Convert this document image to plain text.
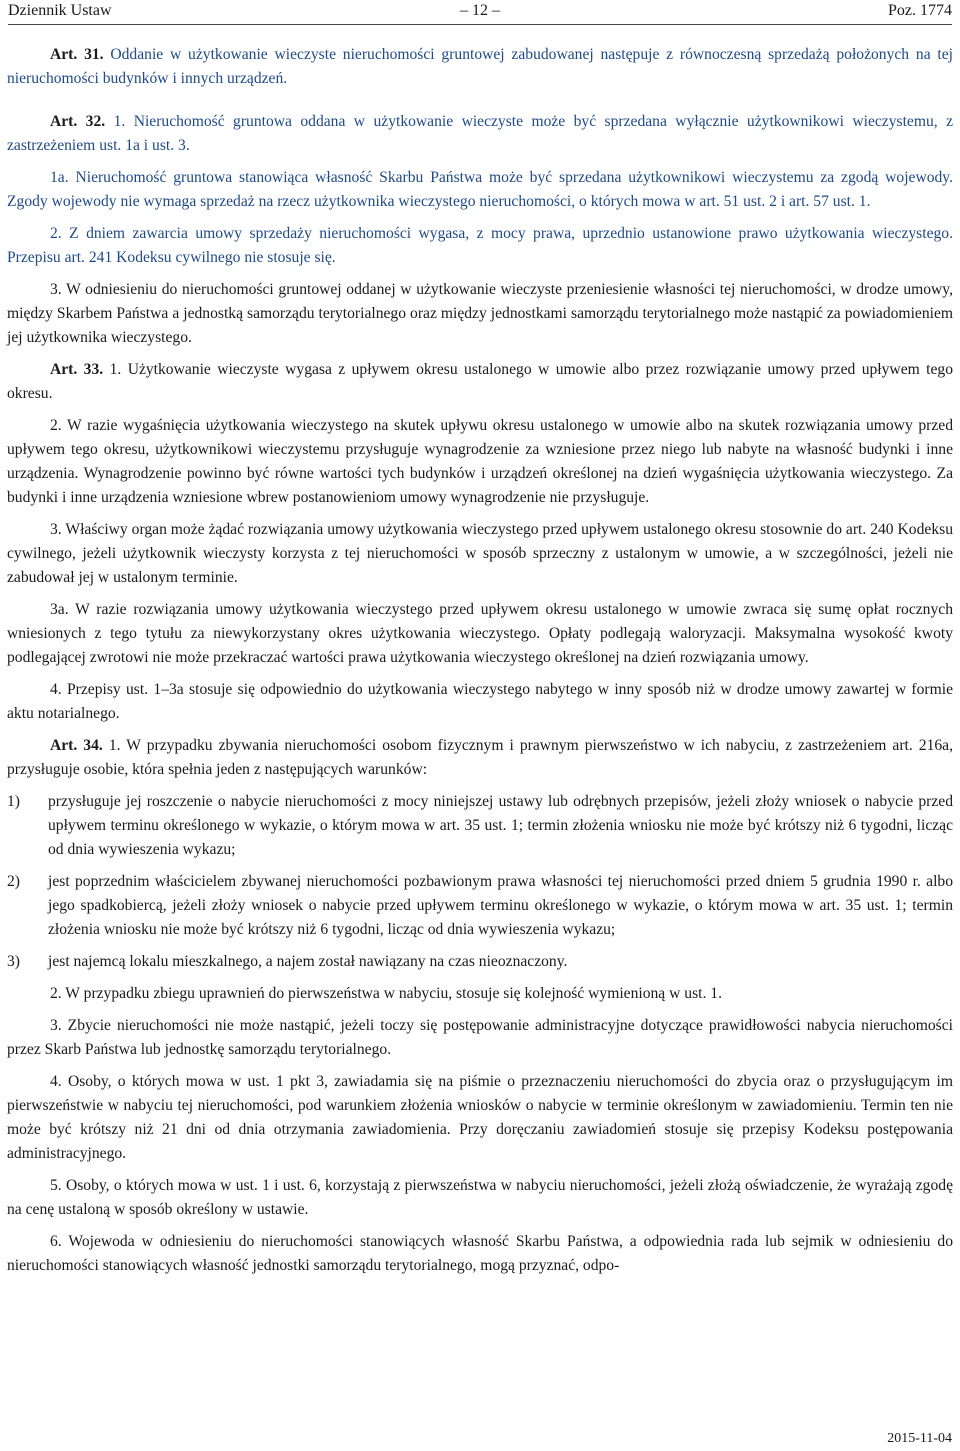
Dziennik Ustaw	– 12 –	Poz. 1774
Art. 31. Oddanie w użytkowanie wieczyste nieruchomości gruntowej zabudowanej następuje z równoczesną sprzedażą położonych na tej nieruchomości budynków i innych urządzeń.
Art. 32. 1. Nieruchomość gruntowa oddana w użytkowanie wieczyste może być sprzedana wyłącznie użytkownikowi wieczystemu, z zastrzeżeniem ust. 1a i ust. 3.
1a. Nieruchomość gruntowa stanowiąca własność Skarbu Państwa może być sprzedana użytkownikowi wieczystemu za zgodą wojewody. Zgody wojewody nie wymaga sprzedaż na rzecz użytkownika wieczystego nieruchomości, o których mowa w art. 51 ust. 2 i art. 57 ust. 1.
2. Z dniem zawarcia umowy sprzedaży nieruchomości wygasa, z mocy prawa, uprzednio ustanowione prawo użytkowania wieczystego. Przepisu art. 241 Kodeksu cywilnego nie stosuje się.
3. W odniesieniu do nieruchomości gruntowej oddanej w użytkowanie wieczyste przeniesienie własności tej nieruchomości, w drodze umowy, między Skarbem Państwa a jednostką samorządu terytorialnego oraz między jednostkami samorządu terytorialnego może nastąpić za powiadomieniem jej użytkownika wieczystego.
Art. 33. 1. Użytkowanie wieczyste wygasa z upływem okresu ustalonego w umowie albo przez rozwiązanie umowy przed upływem tego okresu.
2. W razie wygaśnięcia użytkowania wieczystego na skutek upływu okresu ustalonego w umowie albo na skutek rozwiązania umowy przed upływem tego okresu, użytkownikowi wieczystemu przysługuje wynagrodzenie za wzniesione przez niego lub nabyte na własność budynki i inne urządzenia. Wynagrodzenie powinno być równe wartości tych budynków i urządzeń określonej na dzień wygaśnięcia użytkowania wieczystego. Za budynki i inne urządzenia wzniesione wbrew postanowieniom umowy wynagrodzenie nie przysługuje.
3. Właściwy organ może żądać rozwiązania umowy użytkowania wieczystego przed upływem ustalonego okresu stosownie do art. 240 Kodeksu cywilnego, jeżeli użytkownik wieczysty korzysta z tej nieruchomości w sposób sprzeczny z ustalonym w umowie, a w szczególności, jeżeli nie zabudował jej w ustalonym terminie.
3a. W razie rozwiązania umowy użytkowania wieczystego przed upływem okresu ustalonego w umowie zwraca się sumę opłat rocznych wniesionych z tego tytułu za niewykorzystany okres użytkowania wieczystego. Opłaty podlegają waloryzacji. Maksymalna wysokość kwoty podlegającej zwrotowi nie może przekraczać wartości prawa użytkowania wieczystego określonej na dzień rozwiązania umowy.
4. Przepisy ust. 1–3a stosuje się odpowiednio do użytkowania wieczystego nabytego w inny sposób niż w drodze umowy zawartej w formie aktu notarialnego.
Art. 34. 1. W przypadku zbywania nieruchomości osobom fizycznym i prawnym pierwszeństwo w ich nabyciu, z zastrzeżeniem art. 216a, przysługuje osobie, która spełnia jeden z następujących warunków:
1) przysługuje jej roszczenie o nabycie nieruchomości z mocy niniejszej ustawy lub odrębnych przepisów, jeżeli złoży wniosek o nabycie przed upływem terminu określonego w wykazie, o którym mowa w art. 35 ust. 1; termin złożenia wniosku nie może być krótszy niż 6 tygodni, licząc od dnia wywieszenia wykazu;
2) jest poprzednim właścicielem zbywanej nieruchomości pozbawionym prawa własności tej nieruchomości przed dniem 5 grudnia 1990 r. albo jego spadkobiercą, jeżeli złoży wniosek o nabycie przed upływem terminu określonego w wykazie, o którym mowa w art. 35 ust. 1; termin złożenia wniosku nie może być krótszy niż 6 tygodni, licząc od dnia wywieszenia wykazu;
3) jest najemcą lokalu mieszkalnego, a najem został nawiązany na czas nieoznaczony.
2. W przypadku zbiegu uprawnień do pierwszeństwa w nabyciu, stosuje się kolejność wymienioną w ust. 1.
3. Zbycie nieruchomości nie może nastąpić, jeżeli toczy się postępowanie administracyjne dotyczące prawidłowości nabycia nieruchomości przez Skarb Państwa lub jednostkę samorządu terytorialnego.
4. Osoby, o których mowa w ust. 1 pkt 3, zawiadamia się na piśmie o przeznaczeniu nieruchomości do zbycia oraz o przysługującym im pierwszeństwie w nabyciu tej nieruchomości, pod warunkiem złożenia wniosków o nabycie w terminie określonym w zawiadomieniu. Termin ten nie może być krótszy niż 21 dni od dnia otrzymania zawiadomienia. Przy doręczaniu zawiadomień stosuje się przepisy Kodeksu postępowania administracyjnego.
5. Osoby, o których mowa w ust. 1 i ust. 6, korzystają z pierwszeństwa w nabyciu nieruchomości, jeżeli złożą oświadczenie, że wyrażają zgodę na cenę ustaloną w sposób określony w ustawie.
6. Wojewoda w odniesieniu do nieruchomości stanowiących własność Skarbu Państwa, a odpowiednia rada lub sejmik w odniesieniu do nieruchomości stanowiących własność jednostki samorządu terytorialnego, mogą przyznać, odpo-
2015-11-04
